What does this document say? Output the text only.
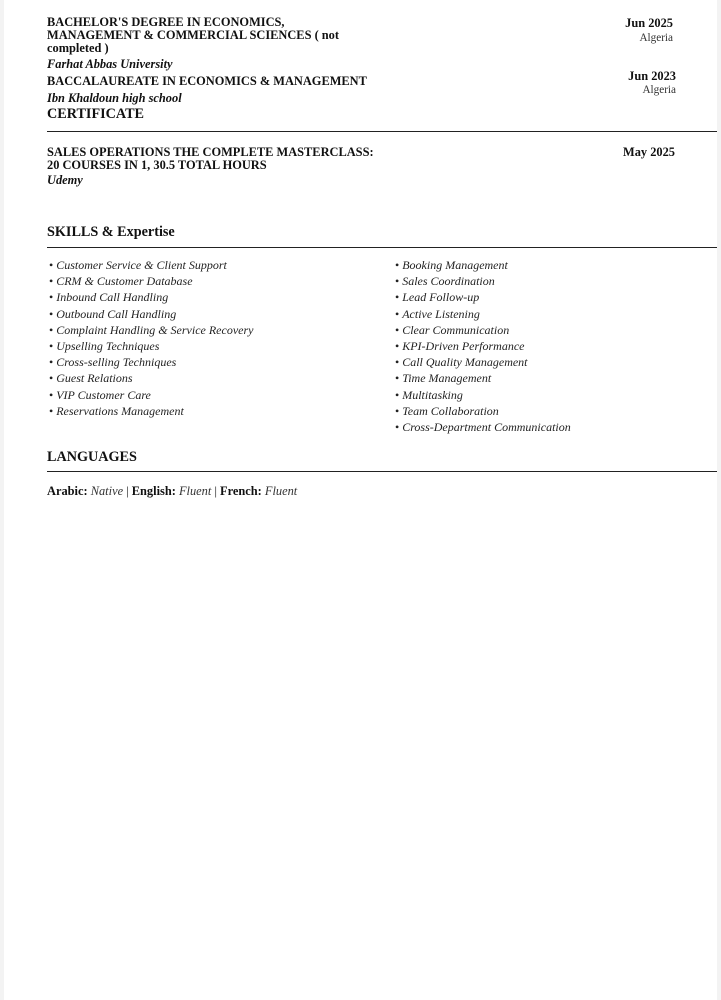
BACHELOR'S DEGREE IN ECONOMICS,
MANAGEMENT & COMMERCIAL SCIENCES ( not
completed )
Farhat Abbas University
Jun 2025
Algeria
BACCALAUREATE IN ECONOMICS & MANAGEMENT
Ibn Khaldoun high school
Jun 2023
Algeria
CERTIFICATE
SALES OPERATIONS THE COMPLETE MASTERCLASS:
20 COURSES IN 1, 30.5 TOTAL HOURS
Udemy
May 2025
SKILLS & Expertise
• Customer Service & Client Support
• CRM & Customer Database
• Inbound Call Handling
• Outbound Call Handling
• Complaint Handling & Service Recovery
• Upselling Techniques
• Cross-selling Techniques
• Guest Relations
• VIP Customer Care
• Reservations Management
• Booking Management
• Sales Coordination
• Lead Follow-up
• Active Listening
• Clear Communication
• KPI-Driven Performance
• Call Quality Management
• Time Management
• Multitasking
• Team Collaboration
• Cross-Department Communication
LANGUAGES
Arabic: Native | English: Fluent | French: Fluent
